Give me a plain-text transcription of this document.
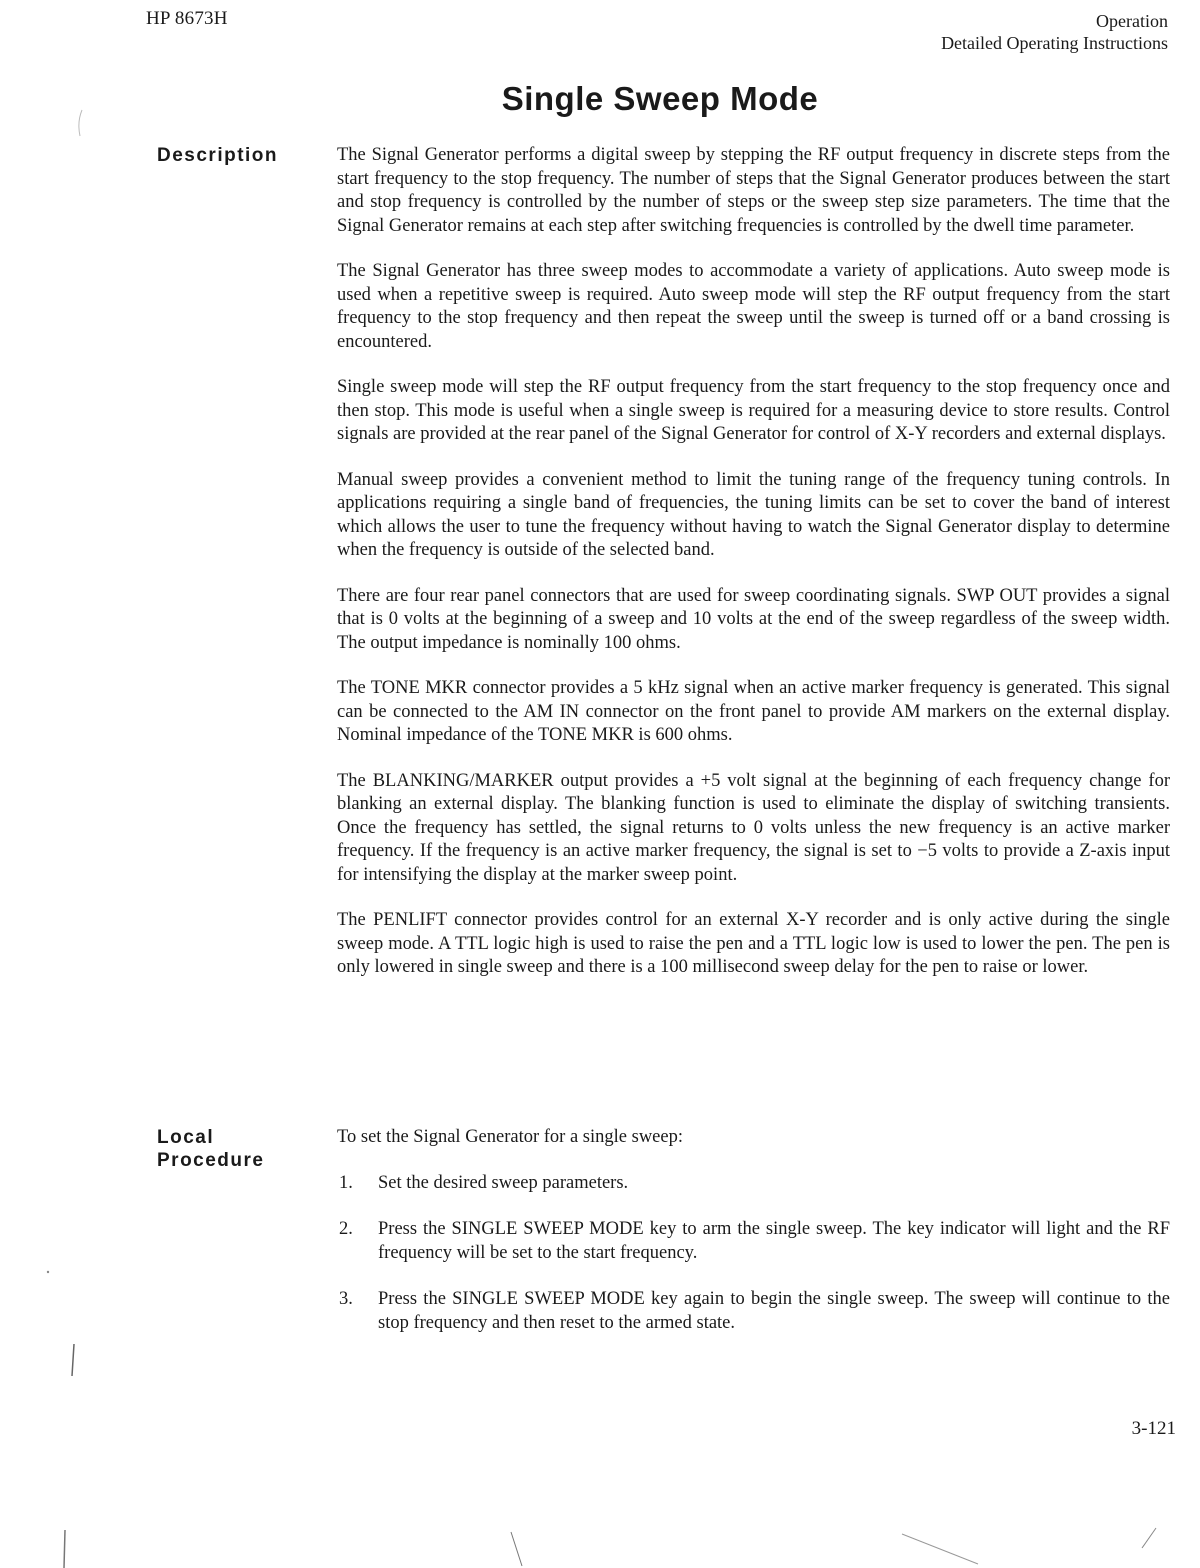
HP 8673H	Operation
Detailed Operating Instructions
Single Sweep Mode
Description	The Signal Generator performs a digital sweep by stepping the RF output frequency in discrete steps from the start frequency to the stop frequency. The number of steps that the Signal Generator produces between the start and stop frequency is controlled by the number of steps or the sweep step size parameters. The time that the Signal Generator remains at each step after switching frequencies is controlled by the dwell time parameter.

The Signal Generator has three sweep modes to accommodate a variety of applications. Auto sweep mode is used when a repetitive sweep is required. Auto sweep mode will step the RF output frequency from the start frequency to the stop frequency and then repeat the sweep until the sweep is turned off or a band crossing is encountered.

Single sweep mode will step the RF output frequency from the start frequency to the stop frequency once and then stop. This mode is useful when a single sweep is required for a measuring device to store results. Control signals are provided at the rear panel of the Signal Generator for control of X-Y recorders and external displays.

Manual sweep provides a convenient method to limit the tuning range of the frequency tuning controls. In applications requiring a single band of frequencies, the tuning limits can be set to cover the band of interest which allows the user to tune the frequency without having to watch the Signal Generator display to determine when the frequency is outside of the selected band.

There are four rear panel connectors that are used for sweep coordinating signals. SWP OUT provides a signal that is 0 volts at the beginning of a sweep and 10 volts at the end of the sweep regardless of the sweep width. The output impedance is nominally 100 ohms.

The TONE MKR connector provides a 5 kHz signal when an active marker frequency is generated. This signal can be connected to the AM IN connector on the front panel to provide AM markers on the external display. Nominal impedance of the TONE MKR is 600 ohms.

The BLANKING/MARKER output provides a +5 volt signal at the beginning of each frequency change for blanking an external display. The blanking function is used to eliminate the display of switching transients. Once the frequency has settled, the signal returns to 0 volts unless the new frequency is an active marker frequency. If the frequency is an active marker frequency, the signal is set to −5 volts to provide a Z-axis input for intensifying the display at the marker sweep point.

The PENLIFT connector provides control for an external X-Y recorder and is only active during the single sweep mode. A TTL logic high is used to raise the pen and a TTL logic low is used to lower the pen. The pen is only lowered in single sweep and there is a 100 millisecond sweep delay for the pen to raise or lower.

Local
Procedure

To set the Signal Generator for a single sweep:

1. Set the desired sweep parameters.
2. Press the SINGLE SWEEP MODE key to arm the single sweep. The key indicator will light and the RF frequency will be set to the start frequency.
3. Press the SINGLE SWEEP MODE key again to begin the single sweep. The sweep will continue to the stop frequency and then reset to the armed state.
3-121
